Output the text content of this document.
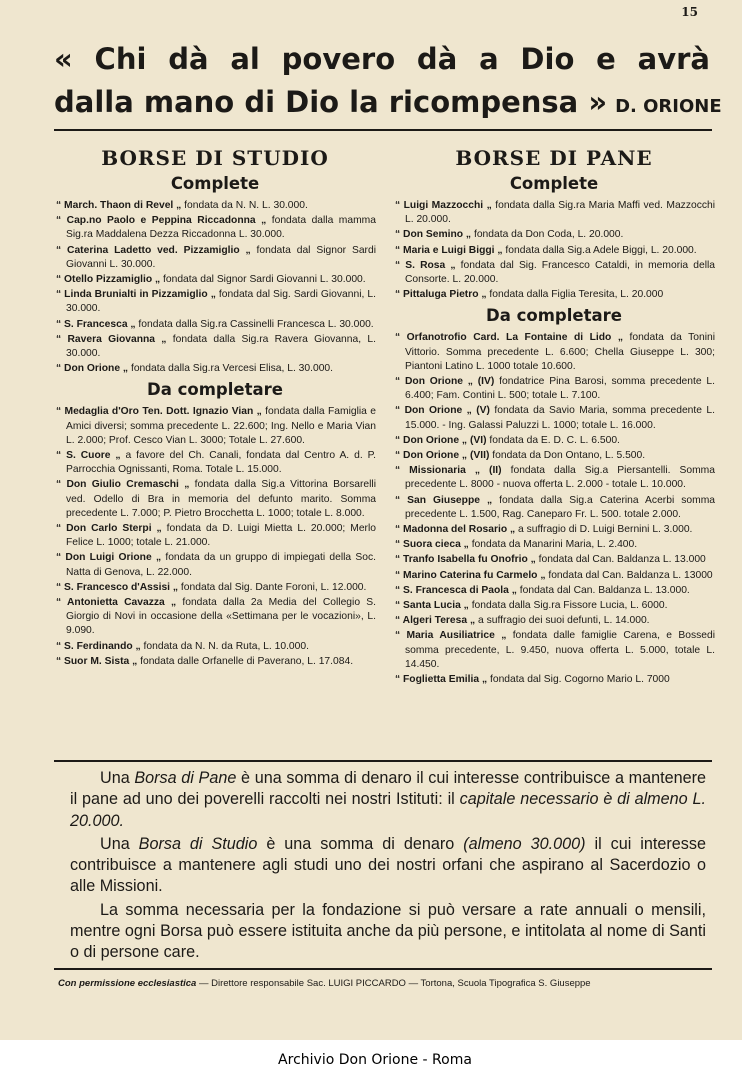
15
« Chi dà al povero dà a Dio e avrà
dalla mano di Dio la ricompensa » D. ORIONE
BORSE DI STUDIO
Complete

“ March. Thaon di Revel „ fondata da N. N. L. 30.000.

“ Cap.no Paolo e Peppina Riccadonna „ fondata dalla mamma Sig.ra Maddalena Dezza Riccadonna L. 30.000.

“ Caterina Ladetto ved. Pizzamiglio „ fondata dal Signor Sardi Giovanni L. 30.000.

“ Otello Pizzamiglio „ fondata dal Signor Sardi Giovanni L. 30.000.

“ Linda Brunialti in Pizzamiglio „ fondata dal Sig. Sardi Giovanni, L. 30.000.

“ S. Francesca „ fondata dalla Sig.ra Cassinelli Francesca L. 30.000.

“ Ravera Giovanna „ fondata dalla Sig.ra Ravera Giovanna, L. 30.000.

“ Don Orione „ fondata dalla Sig.ra Vercesi Elisa, L. 30.000.

Da completare

“ Medaglia d'Oro Ten. Dott. Ignazio Vian „ fondata dalla Famiglia e Amici diversi; somma precedente L. 22.600; Ing. Nello e Maria Vian L. 2.000; Prof. Cesco Vian L. 3000; Totale L. 27.600.

“ S. Cuore „ a favore del Ch. Canali, fondata dal Centro A. d. P. Parrocchia Ognissanti, Roma. Totale L. 15.000.

“ Don Giulio Cremaschi „ fondata dalla Sig.a Vittorina Borsarelli ved. Odello di Bra in memoria del defunto marito. Somma precedente L. 7.000; P. Pietro Brocchetta L. 1000; totale L. 8.000.

“ Don Carlo Sterpi „ fondata da D. Luigi Mietta L. 20.000; Merlo Felice L. 1000; totale L. 21.000.

“ Don Luigi Orione „ fondata da un gruppo di impiegati della Soc. Natta di Genova, L. 22.000.

“ S. Francesco d'Assisi „ fondata dal Sig. Dante Foroni, L. 12.000.

“ Antonietta Cavazza „ fondata dalla 2a Media del Collegio S. Giorgio di Novi in occasione della «Settimana per le vocazioni», L. 9.090.

“ S. Ferdinando „ fondata da N. N. da Ruta, L. 10.000.

“ Suor M. Sista „ fondata dalle Orfanelle di Paverano, L. 17.084.

BORSE DI PANE
Complete

“ Luigi Mazzocchi „ fondata dalla Sig.ra Maria Maffi ved. Mazzocchi L. 20.000.

“ Don Semino „ fondata da Don Coda, L. 20.000.

“ Maria e Luigi Biggi „ fondata dalla Sig.a Adele Biggi, L. 20.000.

“ S. Rosa „ fondata dal Sig. Francesco Cataldi, in memoria della Consorte. L. 20.000.

“ Pittaluga Pietro „ fondata dalla Figlia Teresita, L. 20.000

Da completare

“ Orfanotrofio Card. La Fontaine di Lido „ fondata da Tonini Vittorio. Somma precedente L. 6.600; Chella Giuseppe L. 300; Piantoni Latino L. 1000 totale 10.600.

“ Don Orione „ (IV) fondatrice Pina Barosi, somma precedente L. 6.400; Fam. Contini L. 500; totale L. 7.100.

“ Don Orione „ (V) fondata da Savio Maria, somma precedente L. 15.000. - Ing. Galassi Paluzzi L. 1000; totale L. 16.000.

“ Don Orione „ (VI) fondata da E. D. C. L. 6.500.

“ Don Orione „ (VII) fondata da Don Ontano, L. 5.500.

“ Missionaria „ (II) fondata dalla Sig.a Piersantelli. Somma precedente L. 8000 - nuova offerta L. 2.000 - totale L. 10.000.

“ San Giuseppe „ fondata dalla Sig.a Caterina Acerbi somma precedente L. 1.500, Rag. Caneparo Fr. L. 500. totale 2.000.

“ Madonna del Rosario „ a suffragio di D. Luigi Bernini L. 3.000.

“ Suora cieca „ fondata da Manarini Maria, L. 2.400.

“ Tranfo Isabella fu Onofrio „ fondata dal Can. Baldanza L. 13.000

“ Marino Caterina fu Carmelo „ fondata dal Can. Baldanza L. 13000

“ S. Francesca di Paola „ fondata dal Can. Baldanza L. 13.000.

“ Santa Lucia „ fondata dalla Sig.ra Fissore Lucia, L. 6000.

“ Algeri Teresa „ a suffragio dei suoi defunti, L. 14.000.

“ Maria Ausiliatrice „ fondata dalle famiglie Carena, e Bossedi somma precedente, L. 9.450, nuova offerta L. 5.000, totale L. 14.450.

“ Foglietta Emilia „ fondata dal Sig. Cogorno Mario L. 7000

Una Borsa di Pane è una somma di denaro il cui interesse contribuisce a mantenere il pane ad uno dei poverelli raccolti nei nostri Istituti: il capitale necessario è di almeno L. 20.000.

Una Borsa di Studio è una somma di denaro (almeno 30.000) il cui interesse contribuisce a mantenere agli studi uno dei nostri orfani che aspirano al Sacerdozio o alle Missioni.

La somma necessaria per la fondazione si può versare a rate annuali o mensili, mentre ogni Borsa può essere istituita anche da più persone, e intitolata al nome di Santi o di persone care.

Con permissione ecclesiastica — Direttore responsabile Sac. LUIGI PICCARDO — Tortona, Scuola Tipografica S. Giuseppe
Archivio Don Orione - Roma
